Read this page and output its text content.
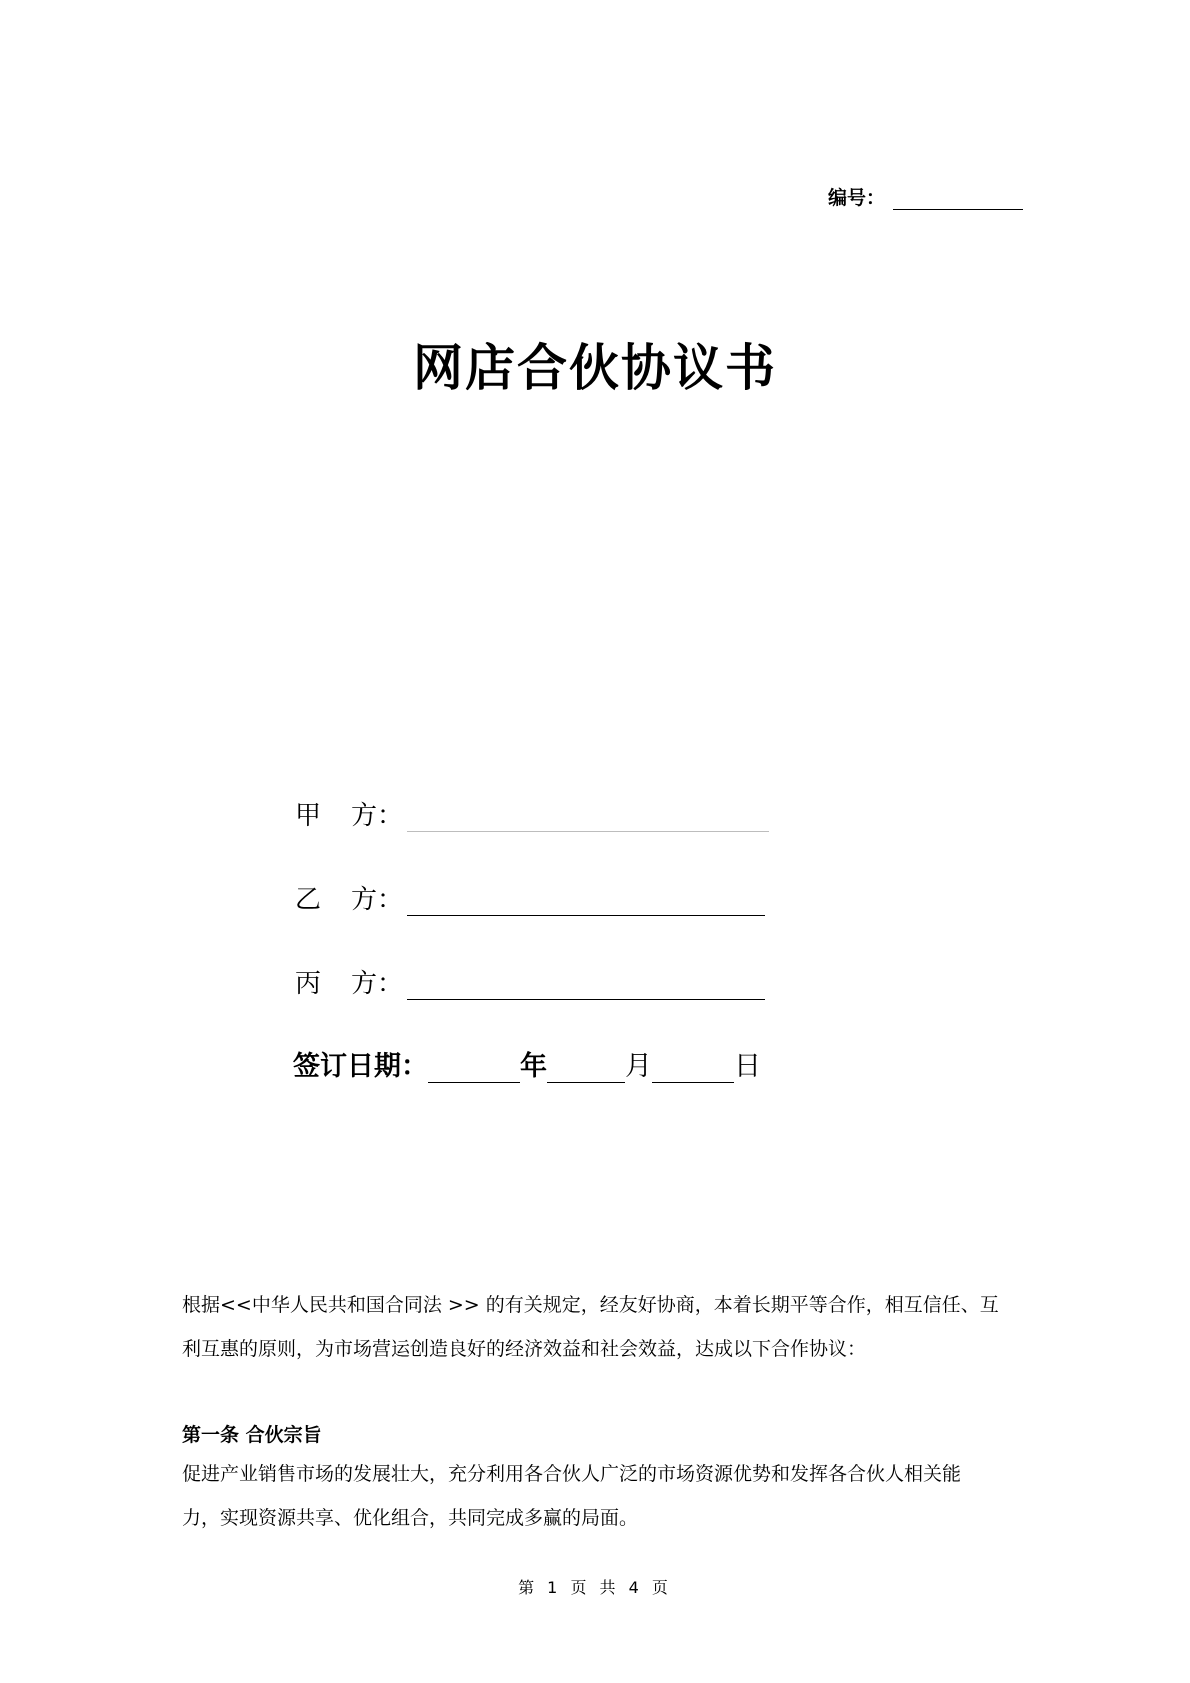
编号：
网店合伙协议书
甲 方：
乙 方：
丙 方：
签订日期：	年	月	日
根据<<中华人民共和国合同法 >> 的有关规定，经友好协商，本着长期平等合作，相互信任、互
利互惠的原则，为市场营运创造良好的经济效益和社会效益，达成以下合作协议：
第一条 合伙宗旨
促进产业销售市场的发展壮大，充分利用各合伙人广泛的市场资源优势和发挥各合伙人相关能
力，实现资源共享、优化组合，共同完成多赢的局面。
第 1 页 共 4 页
